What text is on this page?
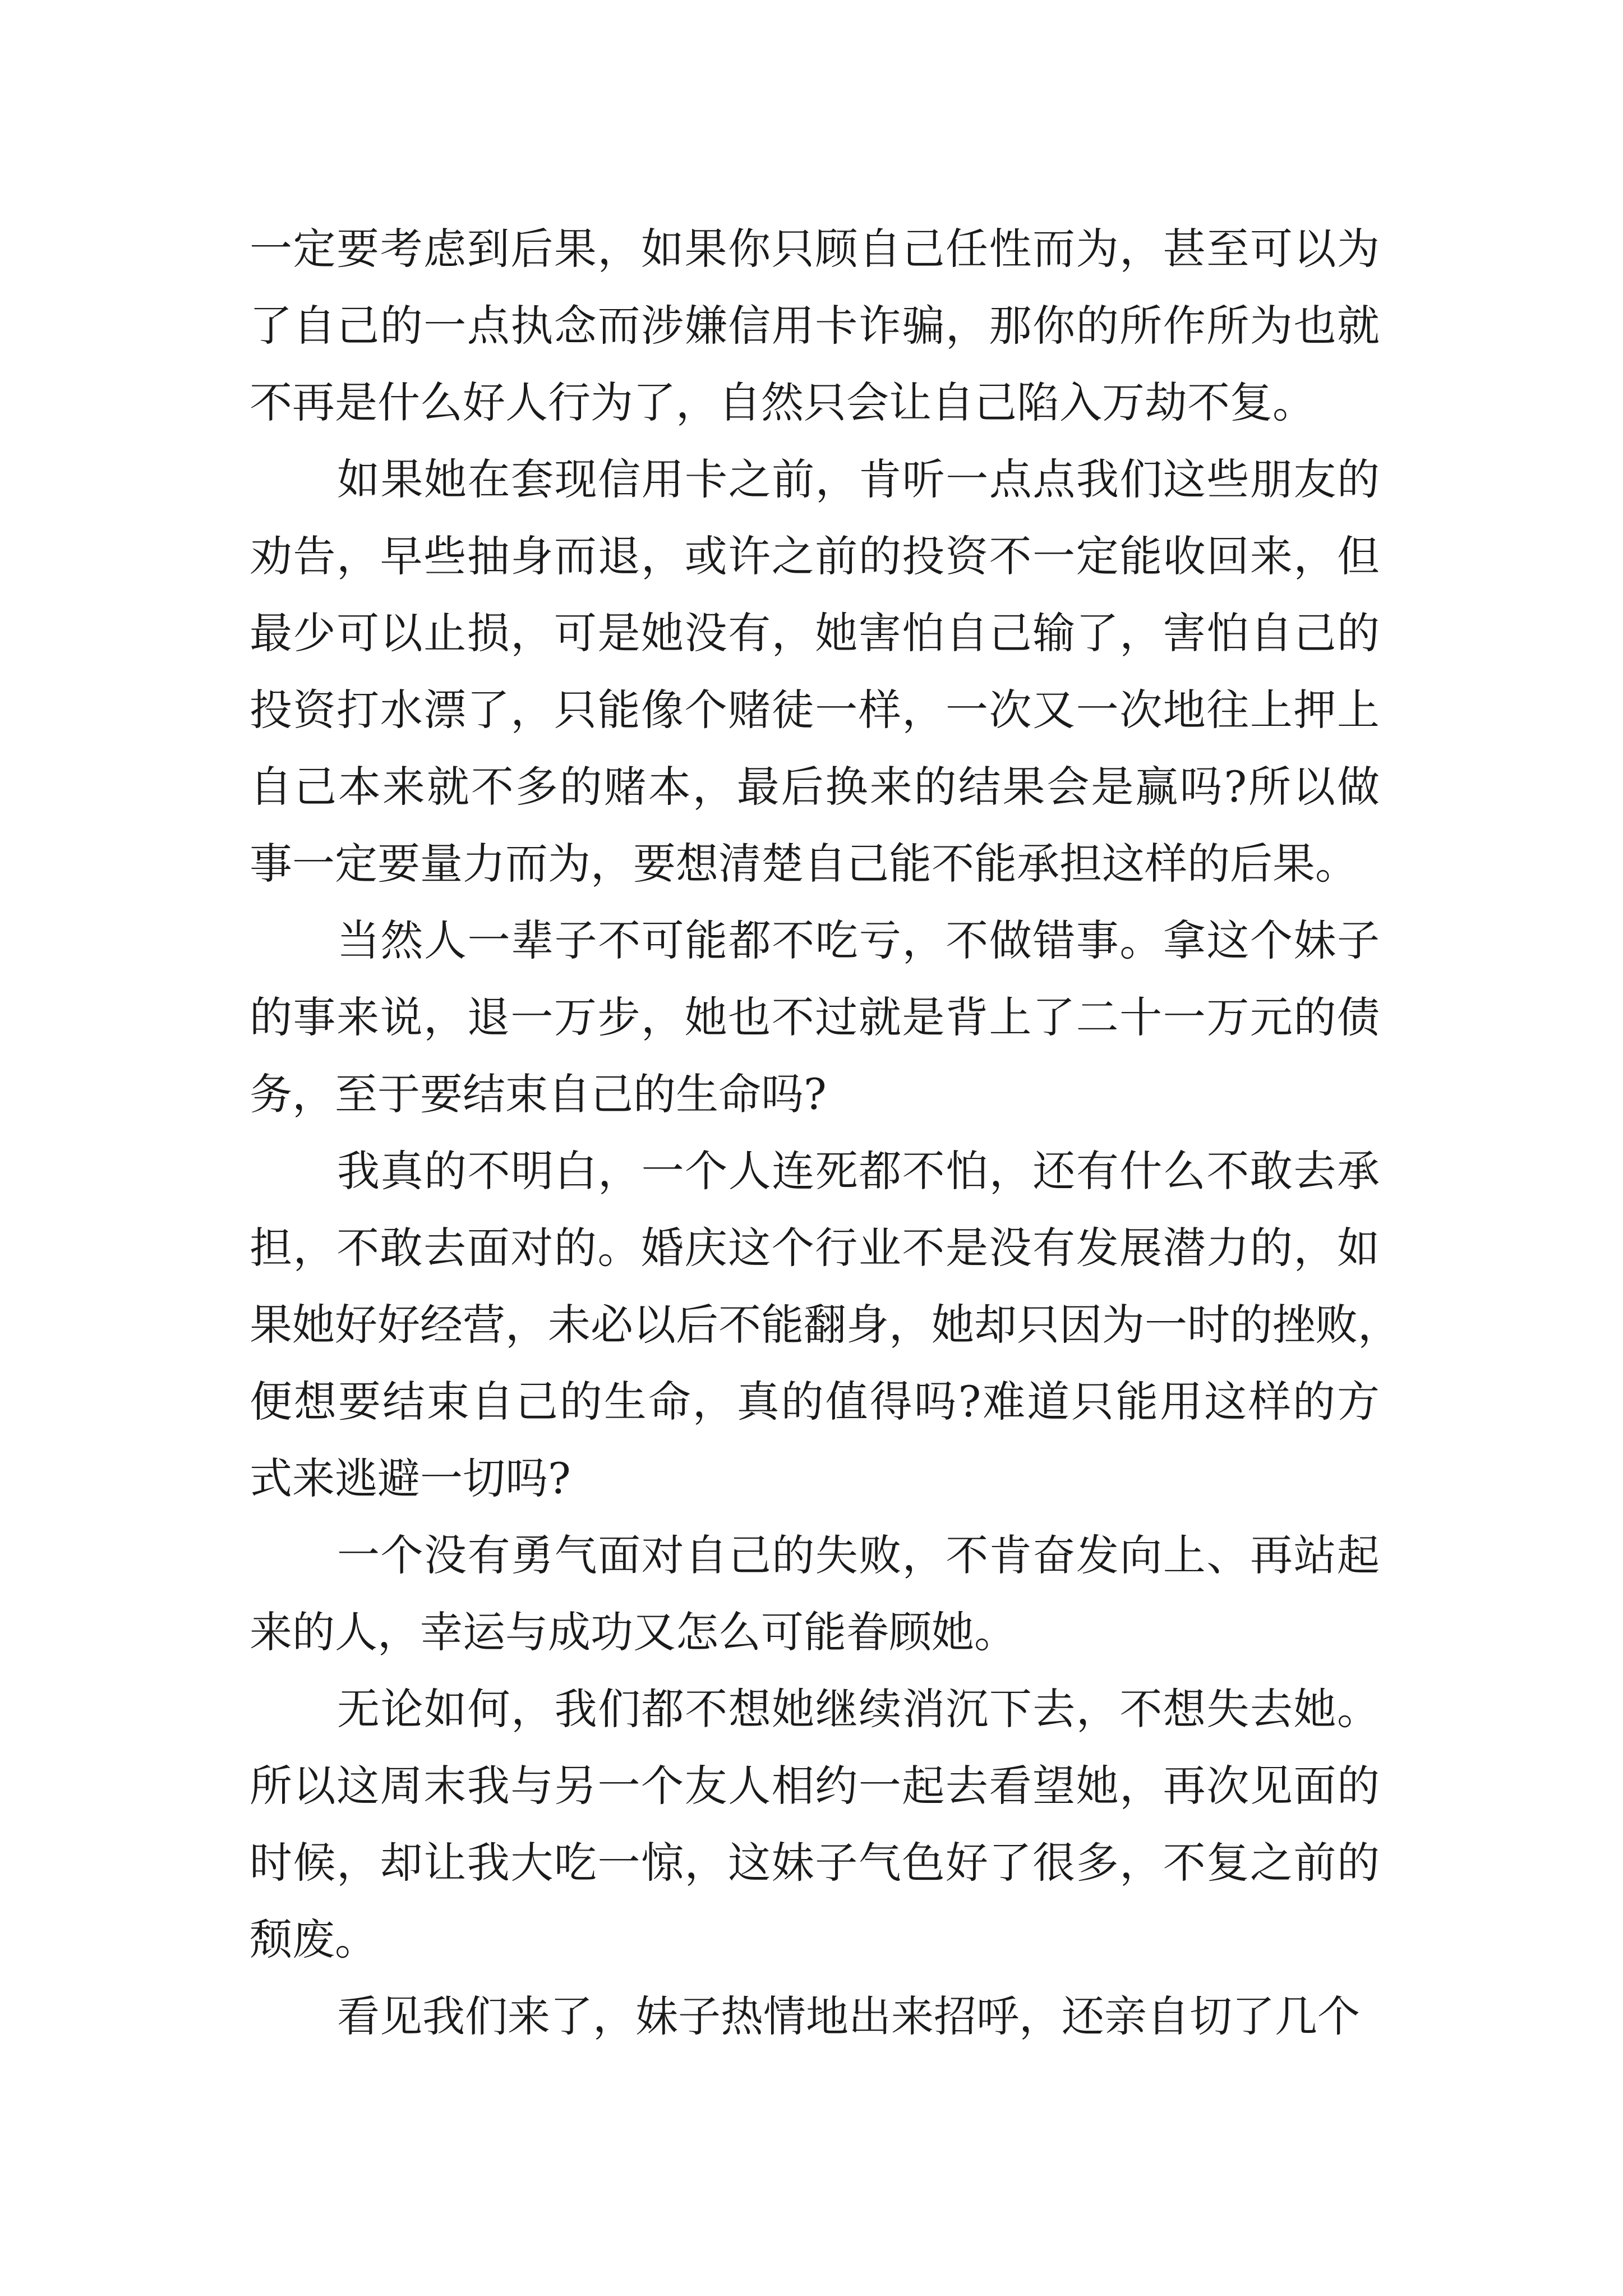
一定要考虑到后果，如果你只顾自己任性而为，甚至可以为
了自己的一点执念而涉嫌信用卡诈骗，那你的所作所为也就
不再是什么好人行为了，自然只会让自己陷入万劫不复。
如果她在套现信用卡之前，肯听一点点我们这些朋友的
劝告，早些抽身而退，或许之前的投资不一定能收回来，但
最少可以止损，可是她没有，她害怕自己输了，害怕自己的
投资打水漂了，只能像个赌徒一样，一次又一次地往上押上
自己本来就不多的赌本，最后换来的结果会是赢吗?所以做
事一定要量力而为，要想清楚自己能不能承担这样的后果。
当然人一辈子不可能都不吃亏，不做错事。拿这个妹子
的事来说，退一万步，她也不过就是背上了二十一万元的债
务，至于要结束自己的生命吗?
我真的不明白，一个人连死都不怕，还有什么不敢去承
担，不敢去面对的。婚庆这个行业不是没有发展潜力的，如
果她好好经营，未必以后不能翻身，她却只因为一时的挫败，
便想要结束自己的生命，真的值得吗?难道只能用这样的方
式来逃避一切吗?
一个没有勇气面对自己的失败，不肯奋发向上、再站起
来的人，幸运与成功又怎么可能眷顾她。
无论如何，我们都不想她继续消沉下去，不想失去她。
所以这周末我与另一个友人相约一起去看望她，再次见面的
时候，却让我大吃一惊，这妹子气色好了很多，不复之前的
颓废。
看见我们来了，妹子热情地出来招呼，还亲自切了几个
